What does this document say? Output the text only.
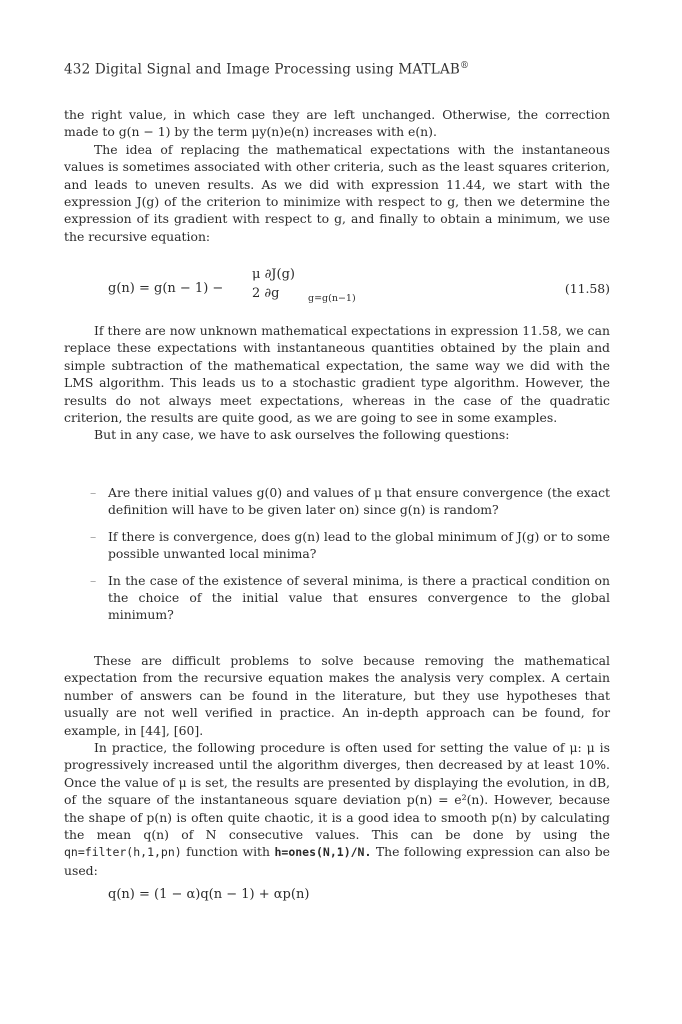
432 Digital Signal and Image Processing using MATLAB®

the right value, in which case they are left unchanged. Otherwise, the correction made to g(n − 1) by the term μy(n)e(n) increases with e(n).

The idea of replacing the mathematical expectations with the instantaneous values is sometimes associated with other criteria, such as the least squares criterion, and leads to uneven results. As we did with expression 11.44, we start with the expression J(g) of the criterion to minimize with respect to g, then we determine the expression of its gradient with respect to g, and finally to obtain a minimum, we use the recursive equation:

g(n) = g(n − 1) −
μ ∂J(g)
2 ∂g	g=g(n−1)
(11.58)

If there are now unknown mathematical expectations in expression 11.58, we can replace these expectations with instantaneous quantities obtained by the plain and simple subtraction of the mathematical expectation, the same way we did with the LMS algorithm. This leads us to a stochastic gradient type algorithm. However, the results do not always meet expectations, whereas in the case of the quadratic criterion, the results are quite good, as we are going to see in some examples.

But in any case, we have to ask ourselves the following questions:

– Are there initial values g(0) and values of μ that ensure convergence (the exact definition will have to be given later on) since g(n) is random?
– If there is convergence, does g(n) lead to the global minimum of J(g) or to some possible unwanted local minima?
– In the case of the existence of several minima, is there a practical condition on the choice of the initial value that ensures convergence to the global minimum?

These are difficult problems to solve because removing the mathematical expectation from the recursive equation makes the analysis very complex. A certain number of answers can be found in the literature, but they use hypotheses that usually are not well verified in practice. An in-depth approach can be found, for example, in [44], [60].

In practice, the following procedure is often used for setting the value of μ: μ is progressively increased until the algorithm diverges, then decreased by at least 10%. Once the value of μ is set, the results are presented by displaying the evolution, in dB, of the square of the instantaneous square deviation p(n) = e²(n). However, because the shape of p(n) is often quite chaotic, it is a good idea to smooth p(n) by calculating the mean q(n) of N consecutive values. This can be done by using the qn=filter(h,1,pn) function with h=ones(N,1)/N. The following expression can also be used:

q(n) = (1 − α)q(n − 1) + αp(n)
